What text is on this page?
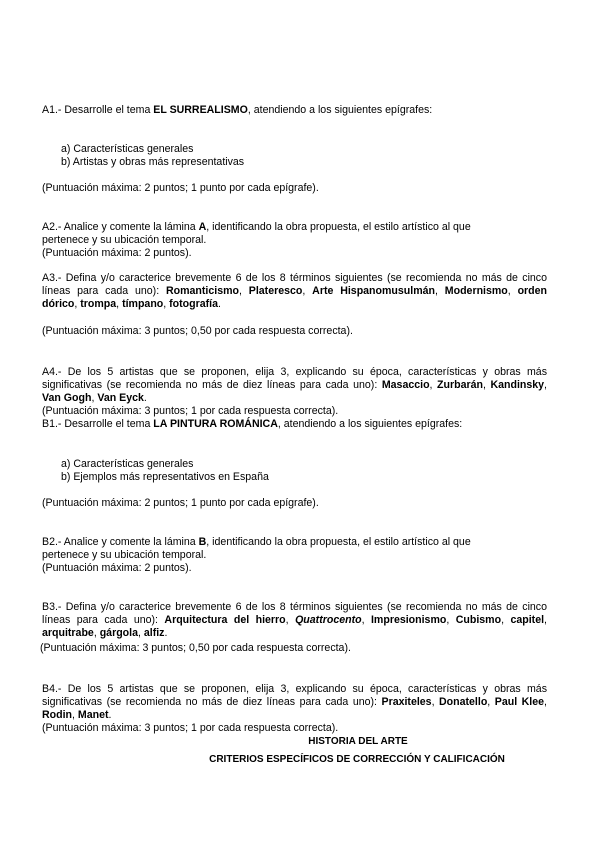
A1.- Desarrolle el tema EL SURREALISMO, atendiendo a los siguientes epígrafes:
a) Características generales
b) Artistas y obras más representativas
(Puntuación máxima: 2 puntos; 1 punto por cada epígrafe).
A2.- Analice y comente la lámina A, identificando la obra propuesta, el estilo artístico al que
pertenece y su ubicación temporal.
(Puntuación máxima: 2 puntos).
A3.- Defina y/o caracterice brevemente 6 de los 8 términos siguientes (se recomienda no más de cinco líneas para cada uno): Romanticismo, Plateresco, Arte Hispanomusulmán, Modernismo, orden dórico, trompa, tímpano, fotografía.
(Puntuación máxima: 3 puntos; 0,50 por cada respuesta correcta).
A4.- De los 5 artistas que se proponen, elija 3, explicando su época, características y obras más significativas (se recomienda no más de diez líneas para cada uno): Masaccio, Zurbarán, Kandinsky, Van Gogh, Van Eyck.
(Puntuación máxima: 3 puntos; 1 por cada respuesta correcta).
B1.- Desarrolle el tema LA PINTURA ROMÁNICA, atendiendo a los siguientes epígrafes:
a) Características generales
b) Ejemplos más representativos en España
(Puntuación máxima: 2 puntos; 1 punto por cada epígrafe).
B2.- Analice y comente la lámina B, identificando la obra propuesta, el estilo artístico al que
pertenece y su ubicación temporal.
(Puntuación máxima: 2 puntos).
B3.- Defina y/o caracterice brevemente 6 de los 8 términos siguientes (se recomienda no más de cinco líneas para cada uno): Arquitectura del hierro, Quattrocento, Impresionismo, Cubismo, capitel, arquitrabe, gárgola, alfiz.
(Puntuación máxima: 3 puntos; 0,50 por cada respuesta correcta).
B4.- De los 5 artistas que se proponen, elija 3, explicando su época, características y obras más significativas (se recomienda no más de diez líneas para cada uno): Praxiteles, Donatello, Paul Klee, Rodin, Manet.
(Puntuación máxima: 3 puntos; 1 por cada respuesta correcta).
HISTORIA DEL ARTE
CRITERIOS ESPECÍFICOS DE CORRECCIÓN Y CALIFICACIÓN
